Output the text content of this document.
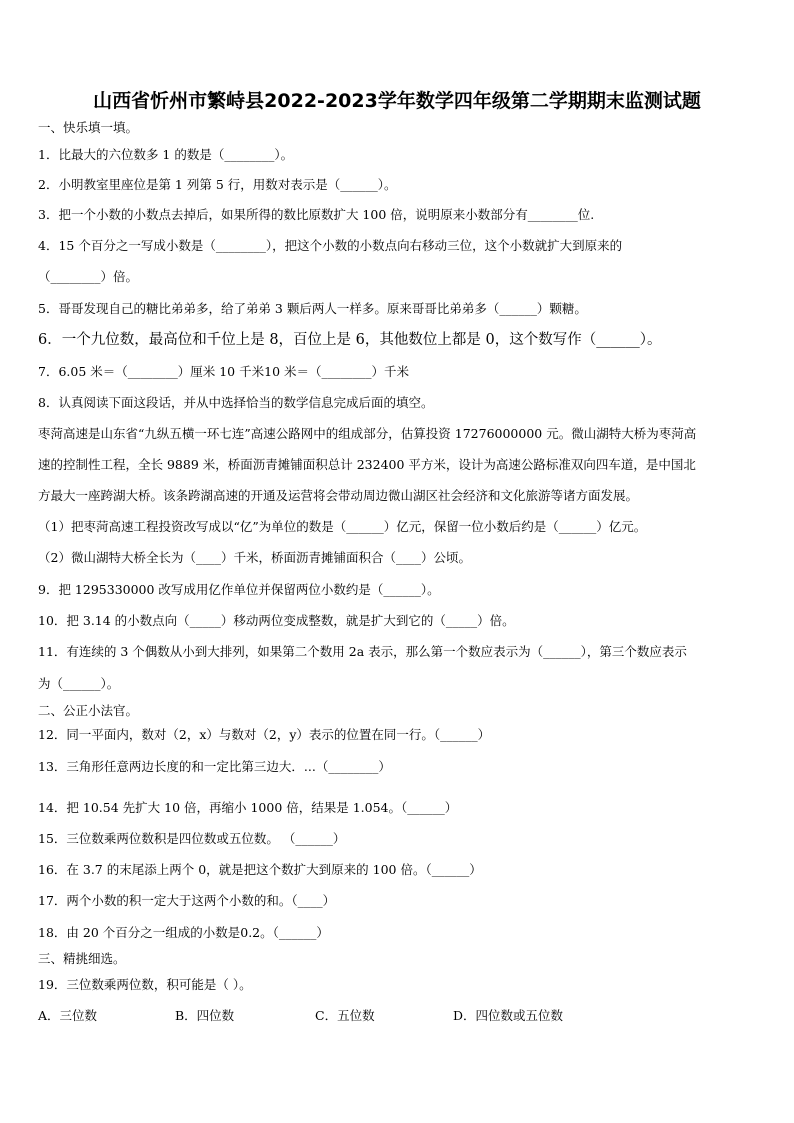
山西省忻州市繁峙县2022-2023学年数学四年级第二学期期末监测试题
一、快乐填一填。
1．比最大的六位数多 1 的数是（________）。
2．小明教室里座位是第 1 列第 5 行，用数对表示是（______）。
3．把一个小数的小数点去掉后，如果所得的数比原数扩大 100 倍，说明原来小数部分有________位.
4．15 个百分之一写成小数是（________），把这个小数的小数点向右移动三位，这个小数就扩大到原来的
（________）倍。
5．哥哥发现自己的糖比弟弟多，给了弟弟 3 颗后两人一样多。原来哥哥比弟弟多（______）颗糖。
6．一个九位数，最高位和千位上是 8，百位上是 6，其他数位上都是 0，这个数写作（______）。
7．6.05 米＝（________）厘米 10 千米10 米＝（________）千米
8．认真阅读下面这段话，并从中选择恰当的数学信息完成后面的填空。
枣菏高速是山东省“九纵五横一环七连”高速公路网中的组成部分，估算投资 17276000000 元。微山湖特大桥为枣菏高
速的控制性工程，全长 9889 米，桥面沥青摊铺面积总计 232400 平方米，设计为高速公路标准双向四车道，是中国北
方最大一座跨湖大桥。该条跨湖高速的开通及运营将会带动周边微山湖区社会经济和文化旅游等诸方面发展。
（1）把枣菏高速工程投资改写成以“亿”为单位的数是（______）亿元，保留一位小数后约是（______）亿元。
（2）微山湖特大桥全长为（____）千米，桥面沥青摊铺面积合（____）公顷。
9．把 1295330000 改写成用亿作单位并保留两位小数约是（______）。
10．把 3.14 的小数点向（_____）移动两位变成整数，就是扩大到它的（_____）倍。
11．有连续的 3 个偶数从小到大排列，如果第二个数用 2a 表示，那么第一个数应表示为（______），第三个数应表示
为（______）。
二、公正小法官。
12．同一平面内，数对（2，x）与数对（2，y）表示的位置在同一行。（______）
13．三角形任意两边长度的和一定比第三边大．...（________）
14．把 10.54 先扩大 10 倍，再缩小 1000 倍，结果是 1.054。（______）
15．三位数乘两位数积是四位数或五位数。 （______）
16．在 3.7 的末尾添上两个 0，就是把这个数扩大到原来的 100 倍。（______）
17．两个小数的积一定大于这两个小数的和。（____）
18．由 20 个百分之一组成的小数是0.2。（______）
三、精挑细选。
19．三位数乘两位数，积可能是（ ）。
A．三位数	B．四位数	C．五位数	D．四位数或五位数
